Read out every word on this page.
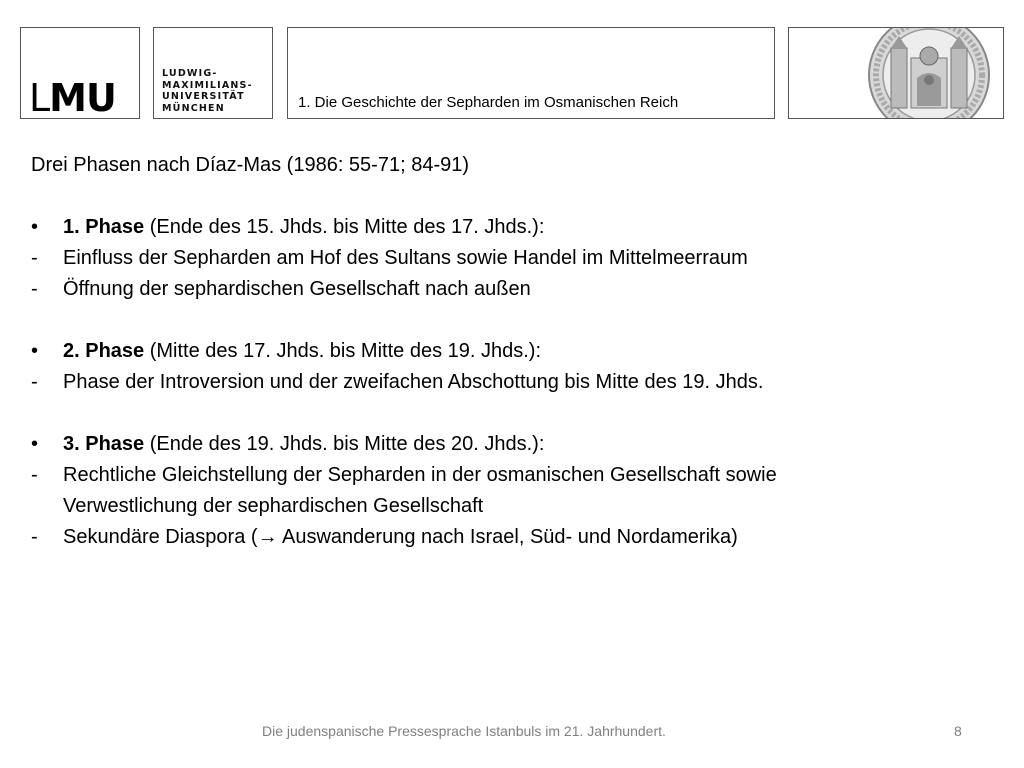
LMU
LUDWIG-
MAXIMILIANS-
UNIVERSITÄT
MÜNCHEN	1. Die Geschichte der Sepharden im Osmanischen Reich
Drei Phasen nach Díaz-Mas (1986: 55-71; 84-91)
• 1. Phase (Ende des 15. Jhds. bis Mitte des 17. Jhds.):
- Einfluss der Sepharden am Hof des Sultans sowie Handel im Mittelmeerraum
- Öffnung der sephardischen Gesellschaft nach außen
• 2. Phase (Mitte des 17. Jhds. bis Mitte des 19. Jhds.):
- Phase der Introversion und der zweifachen Abschottung bis Mitte des 19. Jhds.
• 3. Phase (Ende des 19. Jhds. bis Mitte des 20. Jhds.):
- Rechtliche Gleichstellung der Sepharden in der osmanischen Gesellschaft sowie
Verwestlichung der sephardischen Gesellschaft
- Sekundäre Diaspora (→ Auswanderung nach Israel, Süd- und Nordamerika)
Die judenspanische Pressesprache Istanbuls im 21. Jahrhundert.	8
